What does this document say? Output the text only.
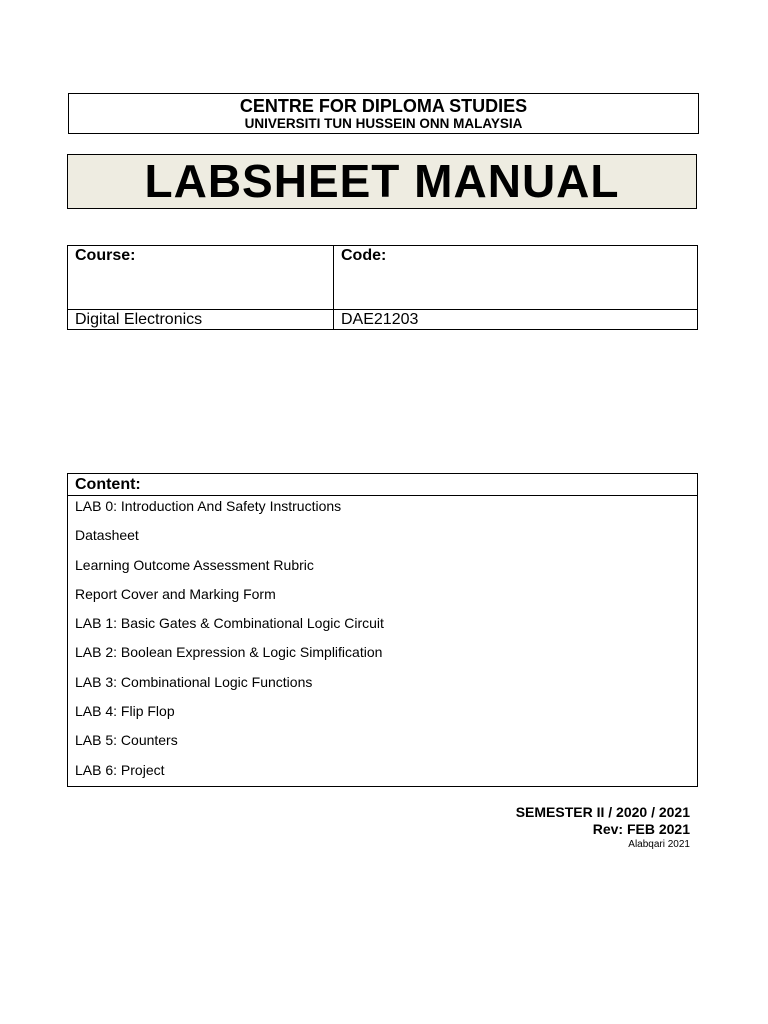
CENTRE FOR DIPLOMA STUDIES
UNIVERSITI TUN HUSSEIN ONN MALAYSIA
LABSHEET MANUAL
Course:	Code:
Digital Electronics	DAE21203
Content:
LAB 0: Introduction And Safety Instructions
Datasheet
Learning Outcome Assessment Rubric
Report Cover and Marking Form
LAB 1: Basic Gates & Combinational Logic Circuit
LAB 2: Boolean Expression & Logic Simplification
LAB 3: Combinational Logic Functions
LAB 4: Flip Flop
LAB 5: Counters
LAB 6: Project
SEMESTER II / 2020 / 2021
Rev: FEB 2021
Alabqari 2021
